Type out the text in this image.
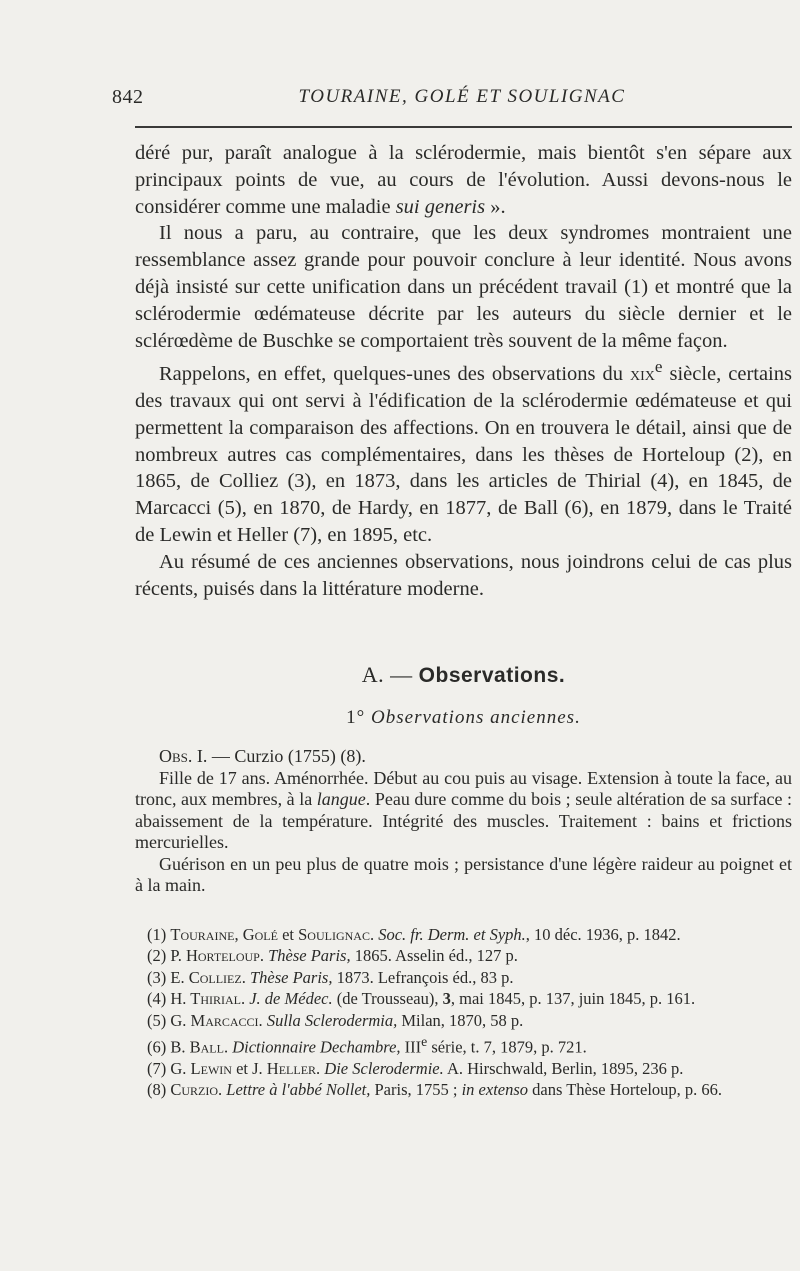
842	TOURAINE, GOLÉ ET SOULIGNAC

déré pur, paraît analogue à la sclérodermie, mais bientôt s'en sépare aux principaux points de vue, au cours de l'évolution. Aussi devons-nous le considérer comme une maladie sui generis ».

Il nous a paru, au contraire, que les deux syndromes montraient une ressemblance assez grande pour pouvoir conclure à leur identité. Nous avons déjà insisté sur cette unification dans un précédent travail (1) et montré que la sclérodermie œdémateuse décrite par les auteurs du siècle dernier et le sclérœdème de Buschke se comportaient très souvent de la même façon.

Rappelons, en effet, quelques-unes des observations du xix$^e$ siècle, certains des travaux qui ont servi à l'édification de la sclérodermie œdémateuse et qui permettent la comparaison des affections. On en trouvera le détail, ainsi que de nombreux autres cas complémentaires, dans les thèses de Horteloup (2), en 1865, de Colliez (3), en 1873, dans les articles de Thirial (4), en 1845, de Marcacci (5), en 1870, de Hardy, en 1877, de Ball (6), en 1879, dans le Traité de Lewin et Heller (7), en 1895, etc.

Au résumé de ces anciennes observations, nous joindrons celui de cas plus récents, puisés dans la littérature moderne.

A. — Observations.
1° Observations anciennes.

Obs. I. — Curzio (1755) (8).

Fille de 17 ans. Aménorrhée. Début au cou puis au visage. Extension à toute la face, au tronc, aux membres, à la langue. Peau dure comme du bois ; seule altération de sa surface : abaissement de la température. Intégrité des muscles. Traitement : bains et frictions mercurielles.

Guérison en un peu plus de quatre mois ; persistance d'une légère raideur au poignet et à la main.

(1) Touraine, Golé et Soulignac. Soc. fr. Derm. et Syph., 10 déc. 1936, p. 1842.

(2) P. Horteloup. Thèse Paris, 1865. Asselin éd., 127 p.

(3) E. Colliez. Thèse Paris, 1873. Lefrançois éd., 83 p.

(4) H. Thirial. J. de Médec. (de Trousseau), 3, mai 1845, p. 137, juin 1845, p. 161.

(5) G. Marcacci. Sulla Sclerodermia, Milan, 1870, 58 p.

(6) B. Ball. Dictionnaire Dechambre, IIIe série, t. 7, 1879, p. 721.

(7) G. Lewin et J. Heller. Die Sclerodermie. A. Hirschwald, Berlin, 1895, 236 p.

(8) Curzio. Lettre à l'abbé Nollet, Paris, 1755 ; in extenso dans Thèse Horteloup, p. 66.
